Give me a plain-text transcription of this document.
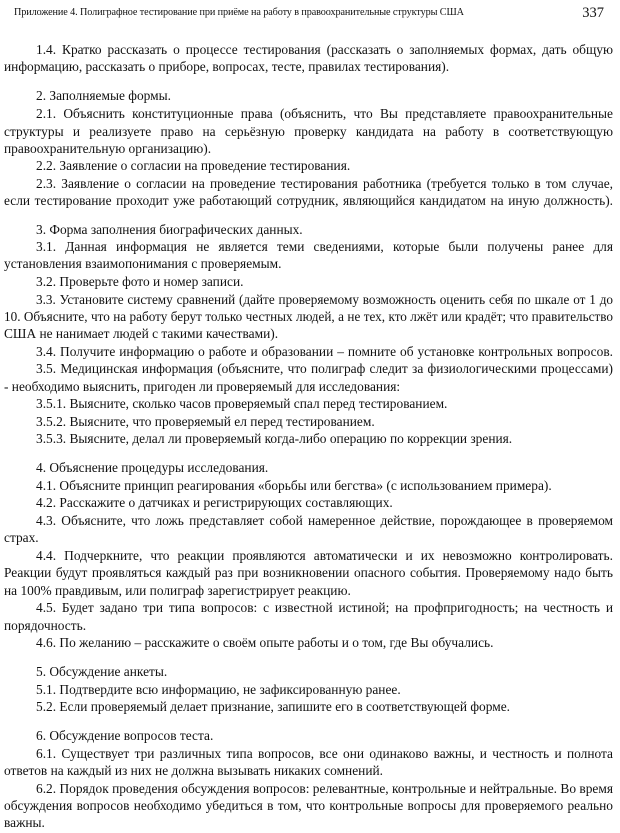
Приложение 4. Полиграфное тестирование при приёме на работу в правоохранительные структуры США	337
1.4. Кратко рассказать о процессе тестирования (рассказать о заполняемых формах, дать общую
информацию, рассказать о приборе, вопросах, тесте, правилах тестирования).
2. Заполняемые формы.
2.1. Объяснить конституционные права (объяснить, что Вы представляете правоохранительные
структуры и реализуете право на серьёзную проверку кандидата на работу в соответствующую
правоохранительную организацию).
2.2. Заявление о согласии на проведение тестирования.
2.3. Заявление о согласии на проведение тестирования работника (требуется только в том случае,
если тестирование проходит уже работающий сотрудник, являющийся кандидатом на иную должность).
3. Форма заполнения биографических данных.
3.1. Данная информация не является теми сведениями, которые были получены ранее для
установления взаимопонимания с проверяемым.
3.2. Проверьте фото и номер записи.
3.3. Установите систему сравнений (дайте проверяемому возможность оценить себя по шкале от 1 до
10. Объясните, что на работу берут только честных людей, а не тех, кто лжёт или крадёт; что правительство
США не нанимает людей с такими качествами).
3.4. Получите информацию о работе и образовании – помните об установке контрольных вопросов.
3.5. Медицинская информация (объясните, что полиграф следит за физиологическими процессами)
- необходимо выяснить, пригоден ли проверяемый для исследования:
3.5.1. Выясните, сколько часов проверяемый спал перед тестированием.
3.5.2. Выясните, что проверяемый ел перед тестированием.
3.5.3. Выясните, делал ли проверяемый когда-либо операцию по коррекции зрения.
4. Объяснение процедуры исследования.
4.1. Объясните принцип реагирования «борьбы или бегства» (с использованием примера).
4.2. Расскажите о датчиках и регистрирующих составляющих.
4.3. Объясните, что ложь представляет собой намеренное действие, порождающее в проверяемом
страх.
4.4. Подчеркните, что реакции проявляются автоматически и их невозможно контролировать.
Реакции будут проявляться каждый раз при возникновении опасного события. Проверяемому надо быть
на 100% правдивым, или полиграф зарегистрирует реакцию.
4.5. Будет задано три типа вопросов: с известной истиной; на профпригодность; на честность и
порядочность.
4.6. По желанию – расскажите о своём опыте работы и о том, где Вы обучались.
5. Обсуждение анкеты.
5.1. Подтвердите всю информацию, не зафиксированную ранее.
5.2. Если проверяемый делает признание, запишите его в соответствующей форме.
6. Обсуждение вопросов теста.
6.1. Существует три различных типа вопросов, все они одинаково важны, и честность и полнота
ответов на каждый из них не должна вызывать никаких сомнений.
6.2. Порядок проведения обсуждения вопросов: релевантные, контрольные и нейтральные. Во время
обсуждения вопросов необходимо убедиться в том, что контрольные вопросы для проверяемого реально
важны.
